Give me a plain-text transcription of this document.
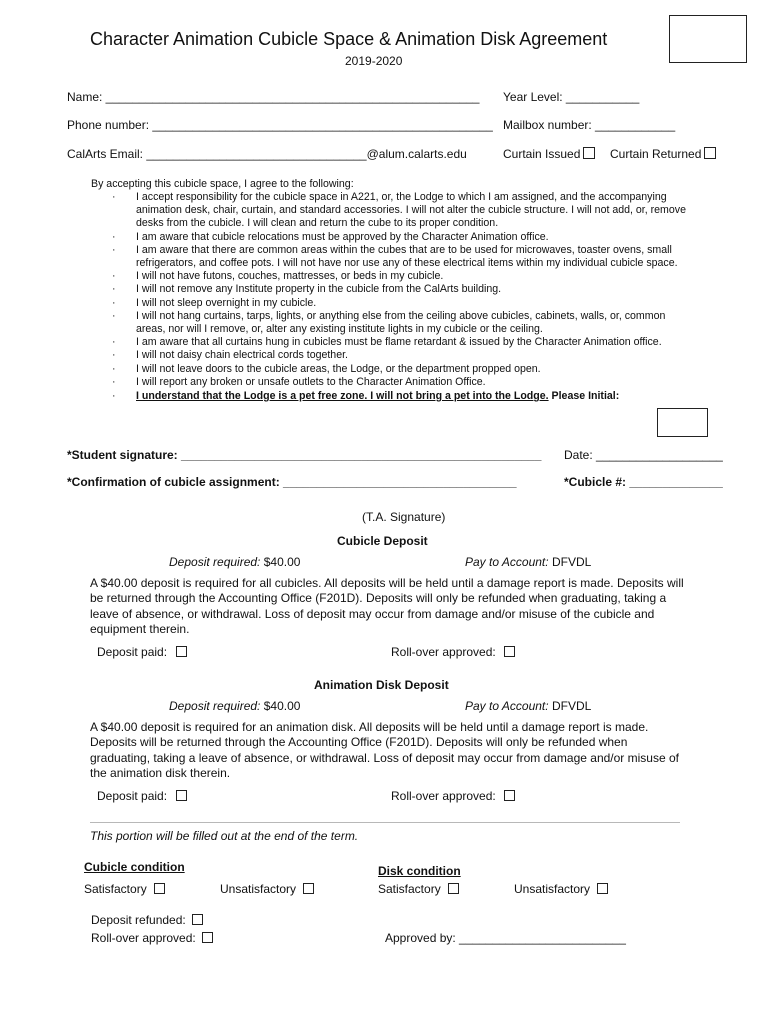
Character Animation Cubicle Space & Animation Disk Agreement
2019-2020
Name: ________________________________________________________ Year Level: ___________
Phone number: ___________________________________________________ Mailbox number: ____________
CalArts Email: _________________________________@alum.calarts.edu	Curtain Issued	Curtain Returned
By accepting this cubicle space, I agree to the following:
· I accept responsibility for the cubicle space in A221, or, the Lodge to which I am assigned, and the accompanying animation desk, chair, curtain, and standard accessories. I will not alter the cubicle structure. I will not add, or, remove desks from the cubicle. I will clean and return the cube to its proper condition.
· I am aware that cubicle relocations must be approved by the Character Animation office.
· I am aware that there are common areas within the cubes that are to be used for microwaves, toaster ovens, small refrigerators, and coffee pots. I will not have nor use any of these electrical items within my individual cubicle space.
· I will not have futons, couches, mattresses, or beds in my cubicle.
· I will not remove any Institute property in the cubicle from the CalArts building.
· I will not sleep overnight in my cubicle.
· I will not hang curtains, tarps, lights, or anything else from the ceiling above cubicles, cabinets, walls, or, common areas, nor will I remove, or, alter any existing institute lights in my cubicle or the ceiling.
· I am aware that all curtains hung in cubicles must be flame retardant & issued by the Character Animation office.
· I will not daisy chain electrical cords together.
· I will not leave doors to the cubicle areas, the Lodge, or the department propped open.
· I will report any broken or unsafe outlets to the Character Animation Office.
· I understand that the Lodge is a pet free zone. I will not bring a pet into the Lodge. Please Initial:
*Student signature: ______________________________________________________ Date: ___________________
*Confirmation of cubicle assignment: ___________________________________	*Cubicle #: ______________
(T.A. Signature)
Cubicle Deposit
Deposit required: $40.00	Pay to Account: DFVDL
A $40.00 deposit is required for all cubicles. All deposits will be held until a damage report is made. Deposits will be returned through the Accounting Office (F201D). Deposits will only be refunded when graduating, taking a leave of absence, or withdrawal. Loss of deposit may occur from damage and/or misuse of the cubicle and equipment therein.
Deposit paid:	Roll-over approved:
Animation Disk Deposit
Deposit required: $40.00	Pay to Account: DFVDL
A $40.00 deposit is required for an animation disk. All deposits will be held until a damage report is made. Deposits will be returned through the Accounting Office (F201D). Deposits will only be refunded when graduating, taking a leave of absence, or withdrawal. Loss of deposit may occur from damage and/or misuse of the animation disk therein.
Deposit paid:	Roll-over approved:
This portion will be filled out at the end of the term.
Cubicle condition	Disk condition
Satisfactory	Unsatisfactory	Satisfactory	Unsatisfactory
Deposit refunded:
Roll-over approved:	Approved by: _________________________
